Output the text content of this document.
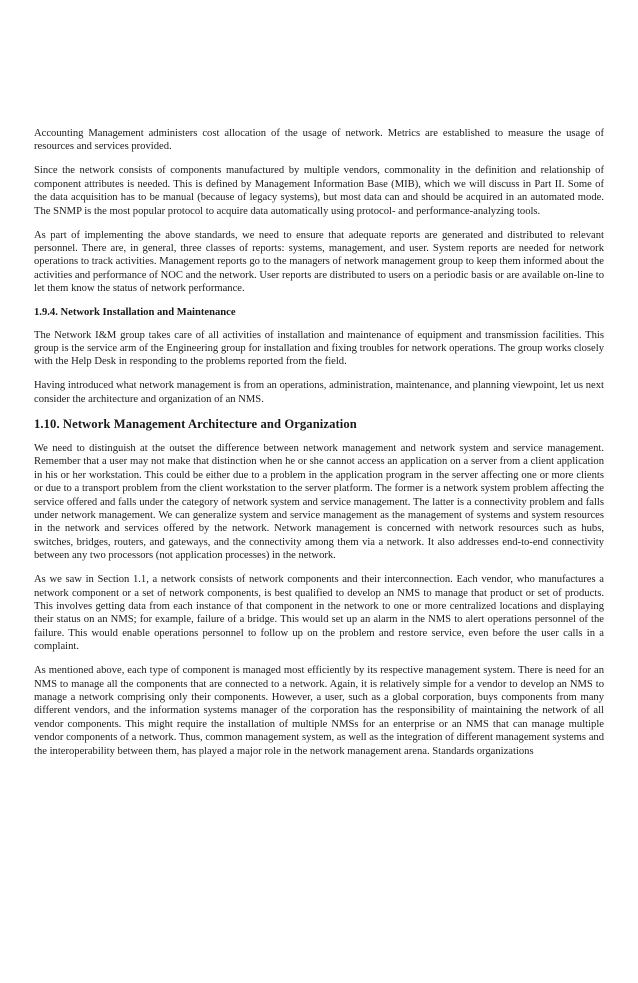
Accounting Management administers cost allocation of the usage of network. Metrics are established to measure the usage of resources and services provided.

Since the network consists of components manufactured by multiple vendors, commonality in the definition and relationship of component attributes is needed. This is defined by Management Information Base (MIB), which we will discuss in Part II. Some of the data acquisition has to be manual (because of legacy systems), but most data can and should be acquired in an automated mode. The SNMP is the most popular protocol to acquire data automatically using protocol- and performance-analyzing tools.

As part of implementing the above standards, we need to ensure that adequate reports are generated and distributed to relevant personnel. There are, in general, three classes of reports: systems, management, and user. System reports are needed for network operations to track activities. Management reports go to the managers of network management group to keep them informed about the activities and performance of NOC and the network. User reports are distributed to users on a periodic basis or are available on-line to let them know the status of network performance.

1.9.4. Network Installation and Maintenance

The Network I&M group takes care of all activities of installation and maintenance of equipment and transmission facilities. This group is the service arm of the Engineering group for installation and fixing troubles for network operations. The group works closely with the Help Desk in responding to the problems reported from the field.

Having introduced what network management is from an operations, administration, maintenance, and planning viewpoint, let us next consider the architecture and organization of an NMS.

1.10. Network Management Architecture and Organization

We need to distinguish at the outset the difference between network management and network system and service management. Remember that a user may not make that distinction when he or she cannot access an application on a server from a client application in his or her workstation. This could be either due to a problem in the application program in the server affecting one or more clients or due to a transport problem from the client workstation to the server platform. The former is a network system problem affecting the service offered and falls under the category of network system and service management. The latter is a connectivity problem and falls under network management. We can generalize system and service management as the management of systems and system resources in the network and services offered by the network. Network management is concerned with network resources such as hubs, switches, bridges, routers, and gateways, and the connectivity among them via a network. It also addresses end-to-end connectivity between any two processors (not application processes) in the network.

As we saw in Section 1.1, a network consists of network components and their interconnection. Each vendor, who manufactures a network component or a set of network components, is best qualified to develop an NMS to manage that product or set of products. This involves getting data from each instance of that component in the network to one or more centralized locations and displaying their status on an NMS; for example, failure of a bridge. This would set up an alarm in the NMS to alert operations personnel of the failure. This would enable operations personnel to follow up on the problem and restore service, even before the user calls in a complaint.

As mentioned above, each type of component is managed most efficiently by its respective management system. There is need for an NMS to manage all the components that are connected to a network. Again, it is relatively simple for a vendor to develop an NMS to manage a network comprising only their components. However, a user, such as a global corporation, buys components from many different vendors, and the information systems manager of the corporation has the responsibility of maintaining the network of all vendor components. This might require the installation of multiple NMSs for an enterprise or an NMS that can manage multiple vendor components of a network. Thus, common management system, as well as the integration of different management systems and the interoperability between them, has played a major role in the network management arena. Standards organizations
